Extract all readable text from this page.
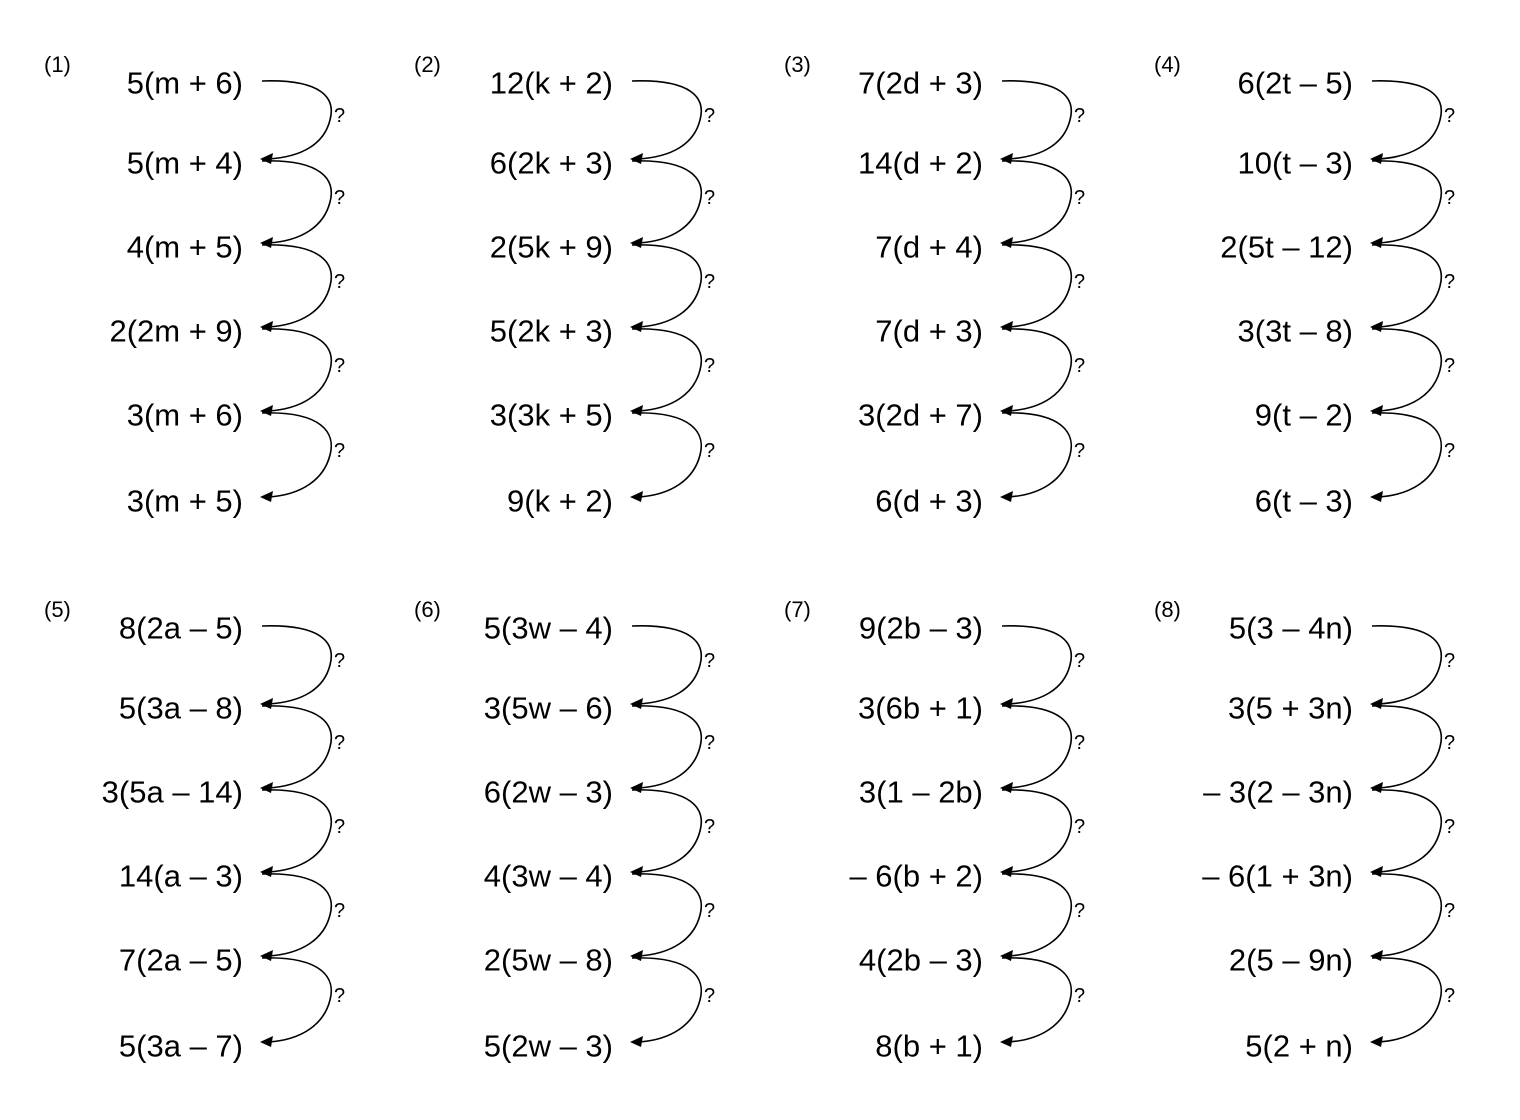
(1)
5(m + 6)
5(m + 4)
4(m + 5)
2(2m + 9)
3(m + 6)
3(m + 5)
?
?
?
?
?
(2)
12(k + 2)
6(2k + 3)
2(5k + 9)
5(2k + 3)
3(3k + 5)
9(k + 2)
?
?
?
?
?
(3)
7(2d + 3)
14(d + 2)
7(d + 4)
7(d + 3)
3(2d + 7)
6(d + 3)
?
?
?
?
?
(4)
6(2t – 5)
10(t – 3)
2(5t – 12)
3(3t – 8)
9(t – 2)
6(t – 3)
?
?
?
?
?
(5)
8(2a – 5)
5(3a – 8)
3(5a – 14)
14(a – 3)
7(2a – 5)
5(3a – 7)
?
?
?
?
?
(6)
5(3w – 4)
3(5w – 6)
6(2w – 3)
4(3w – 4)
2(5w – 8)
5(2w – 3)
?
?
?
?
?
(7)
9(2b – 3)
3(6b + 1)
3(1 – 2b)
– 6(b + 2)
4(2b – 3)
8(b + 1)
?
?
?
?
?
(8)
5(3 – 4n)
3(5 + 3n)
– 3(2 – 3n)
– 6(1 + 3n)
2(5 – 9n)
5(2 + n)
?
?
?
?
?
